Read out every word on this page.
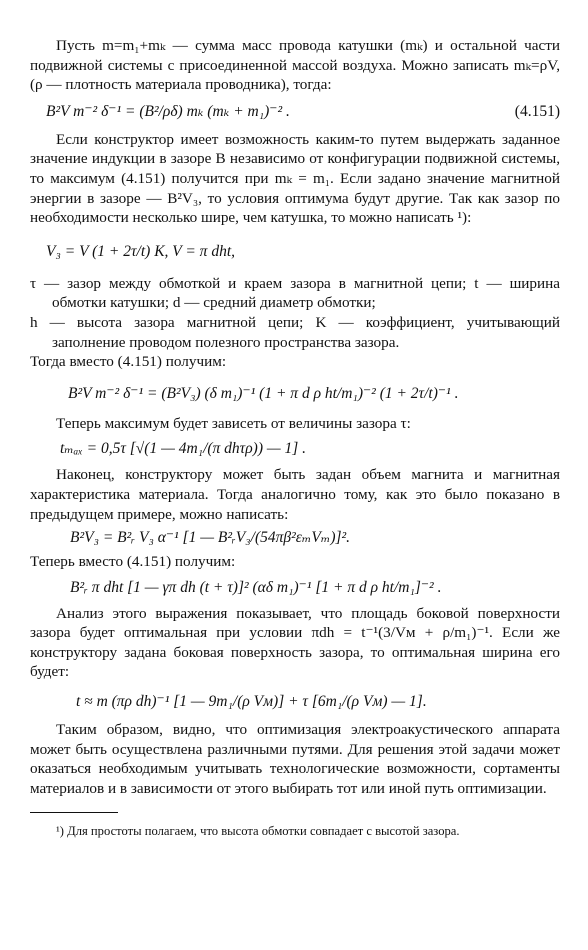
Пусть m=m₁+mₖ — сумма масс провода катушки (mₖ) и остальной части подвижной системы с присоединенной массой воздуха. Можно записать mₖ=ρV, (ρ — плотность материала проводника), тогда:

B²V m⁻² δ⁻¹ = (B²/ρδ) mₖ (mₖ + m₁)⁻² .	(4.151)

Если конструктор имеет возможность каким-то путем выдержать заданное значение индукции в зазоре B независимо от конфигурации подвижной системы, то максимум (4.151) получится при mₖ = m₁. Если задано значение магнитной энергии в зазоре — B²V₃, то условия оптимума будут другие. Так как зазор по необходимости несколько шире, чем катушка, то можно написать ¹):

V₃ = V (1 + 2τ/t) K, V = π dht,
τ — зазор между обмоткой и краем зазора в магнитной цепи; t — ширина обмотки катушки; d — средний диаметр обмотки;
h — высота зазора магнитной цепи; K — коэффициент, учитывающий заполнение проводом полезного пространства зазора.

Тогда вместо (4.151) получим:

B²V m⁻² δ⁻¹ = (B²V₃) (δ m₁)⁻¹ (1 + π d ρ ht/m₁)⁻² (1 + 2τ/t)⁻¹ .

Теперь максимум будет зависеть от величины зазора τ:

tₘₐₓ = 0,5τ [√(1 — 4m₁/(π dhτρ)) — 1] .

Наконец, конструктору может быть задан объем магнита и магнитная характеристика материала. Тогда аналогично тому, как это было показано в предыдущем примере, можно написать:

B²V₃ = B²ᵣ V₃ α⁻¹ [1 — B²ᵣV₃/(54πβ²εₘVₘ)]².

Теперь вместо (4.151) получим:

B²ᵣ π dht [1 — γπ dh (t + τ)]² (αδ m₁)⁻¹ [1 + π d ρ ht/m₁]⁻² .

Анализ этого выражения показывает, что площадь боковой поверхности зазора будет оптимальная при условии πdh = t⁻¹(3/Vм + ρ/m₁)⁻¹. Если же конструктору задана боковая поверхность зазора, то оптимальная ширина его будет:

t ≈ m (πρ dh)⁻¹ [1 — 9m₁/(ρ Vм)] + τ [6m₁/(ρ Vм) — 1].

Таким образом, видно, что оптимизация электроакустического аппарата может быть осуществлена различными путями. Для решения этой задачи может оказаться необходимым учитывать технологические возможности, сортаменты материалов и в зависимости от этого выбирать тот или иной путь оптимизации.

¹) Для простоты полагаем, что высота обмотки совпадает с высотой зазора.
